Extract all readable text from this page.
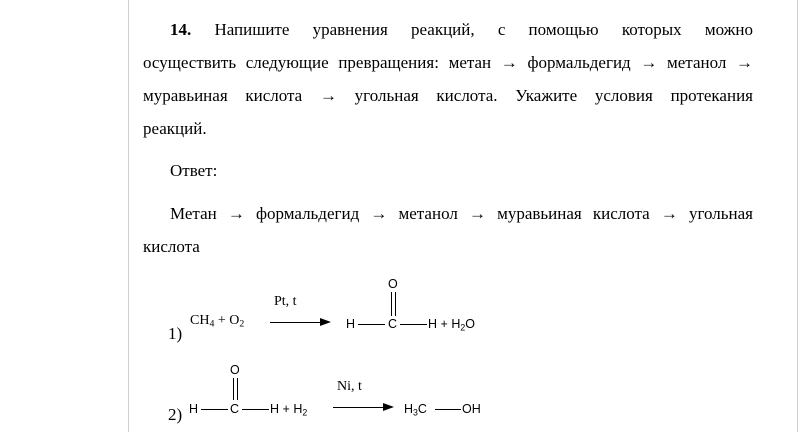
14. Напишите уравнения реакций, с помощью которых можно
осуществить следующие превращения: метан → формальдегид → метанол →
муравьиная кислота → угольная кислота. Укажите условия протекания
реакций.
Ответ:
Метан → формальдегид → метанол → муравьиная кислота → угольная
кислота
1)
$CH_4 + O_2$
Pt, t
O
H	C $H + H_2O$
2)
O
H	C $H + H_2$
Ni, t
$H_3C$	OH
